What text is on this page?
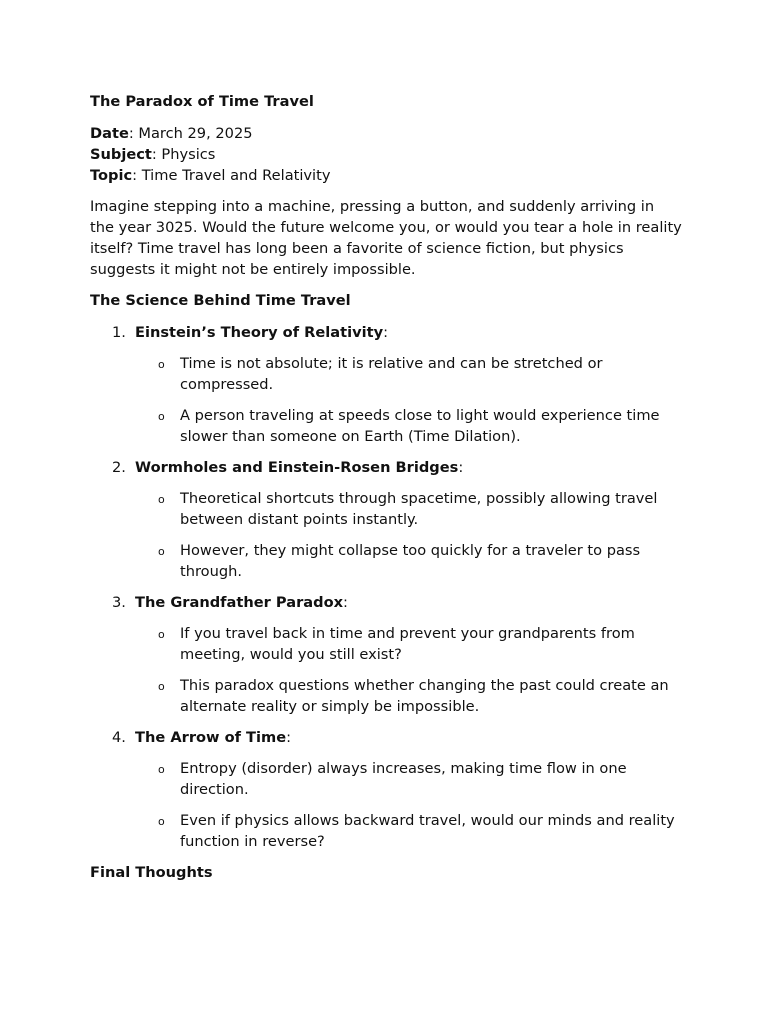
The Paradox of Time Travel
Date: March 29, 2025
Subject: Physics
Topic: Time Travel and Relativity

Imagine stepping into a machine, pressing a button, and suddenly arriving in the year 3025. Would the future welcome you, or would you tear a hole in reality itself? Time travel has long been a favorite of science fiction, but physics suggests it might not be entirely impossible.

The Science Behind Time Travel
1. Einstein’s Theory of Relativity:
o Time is not absolute; it is relative and can be stretched or compressed.
o A person traveling at speeds close to light would experience time slower than someone on Earth (Time Dilation).
2. Wormholes and Einstein-Rosen Bridges:
o Theoretical shortcuts through spacetime, possibly allowing travel between distant points instantly.
o However, they might collapse too quickly for a traveler to pass through.
3. The Grandfather Paradox:
o If you travel back in time and prevent your grandparents from meeting, would you still exist?
o This paradox questions whether changing the past could create an alternate reality or simply be impossible.
4. The Arrow of Time:
o Entropy (disorder) always increases, making time flow in one direction.
o Even if physics allows backward travel, would our minds and reality function in reverse?
Final Thoughts
